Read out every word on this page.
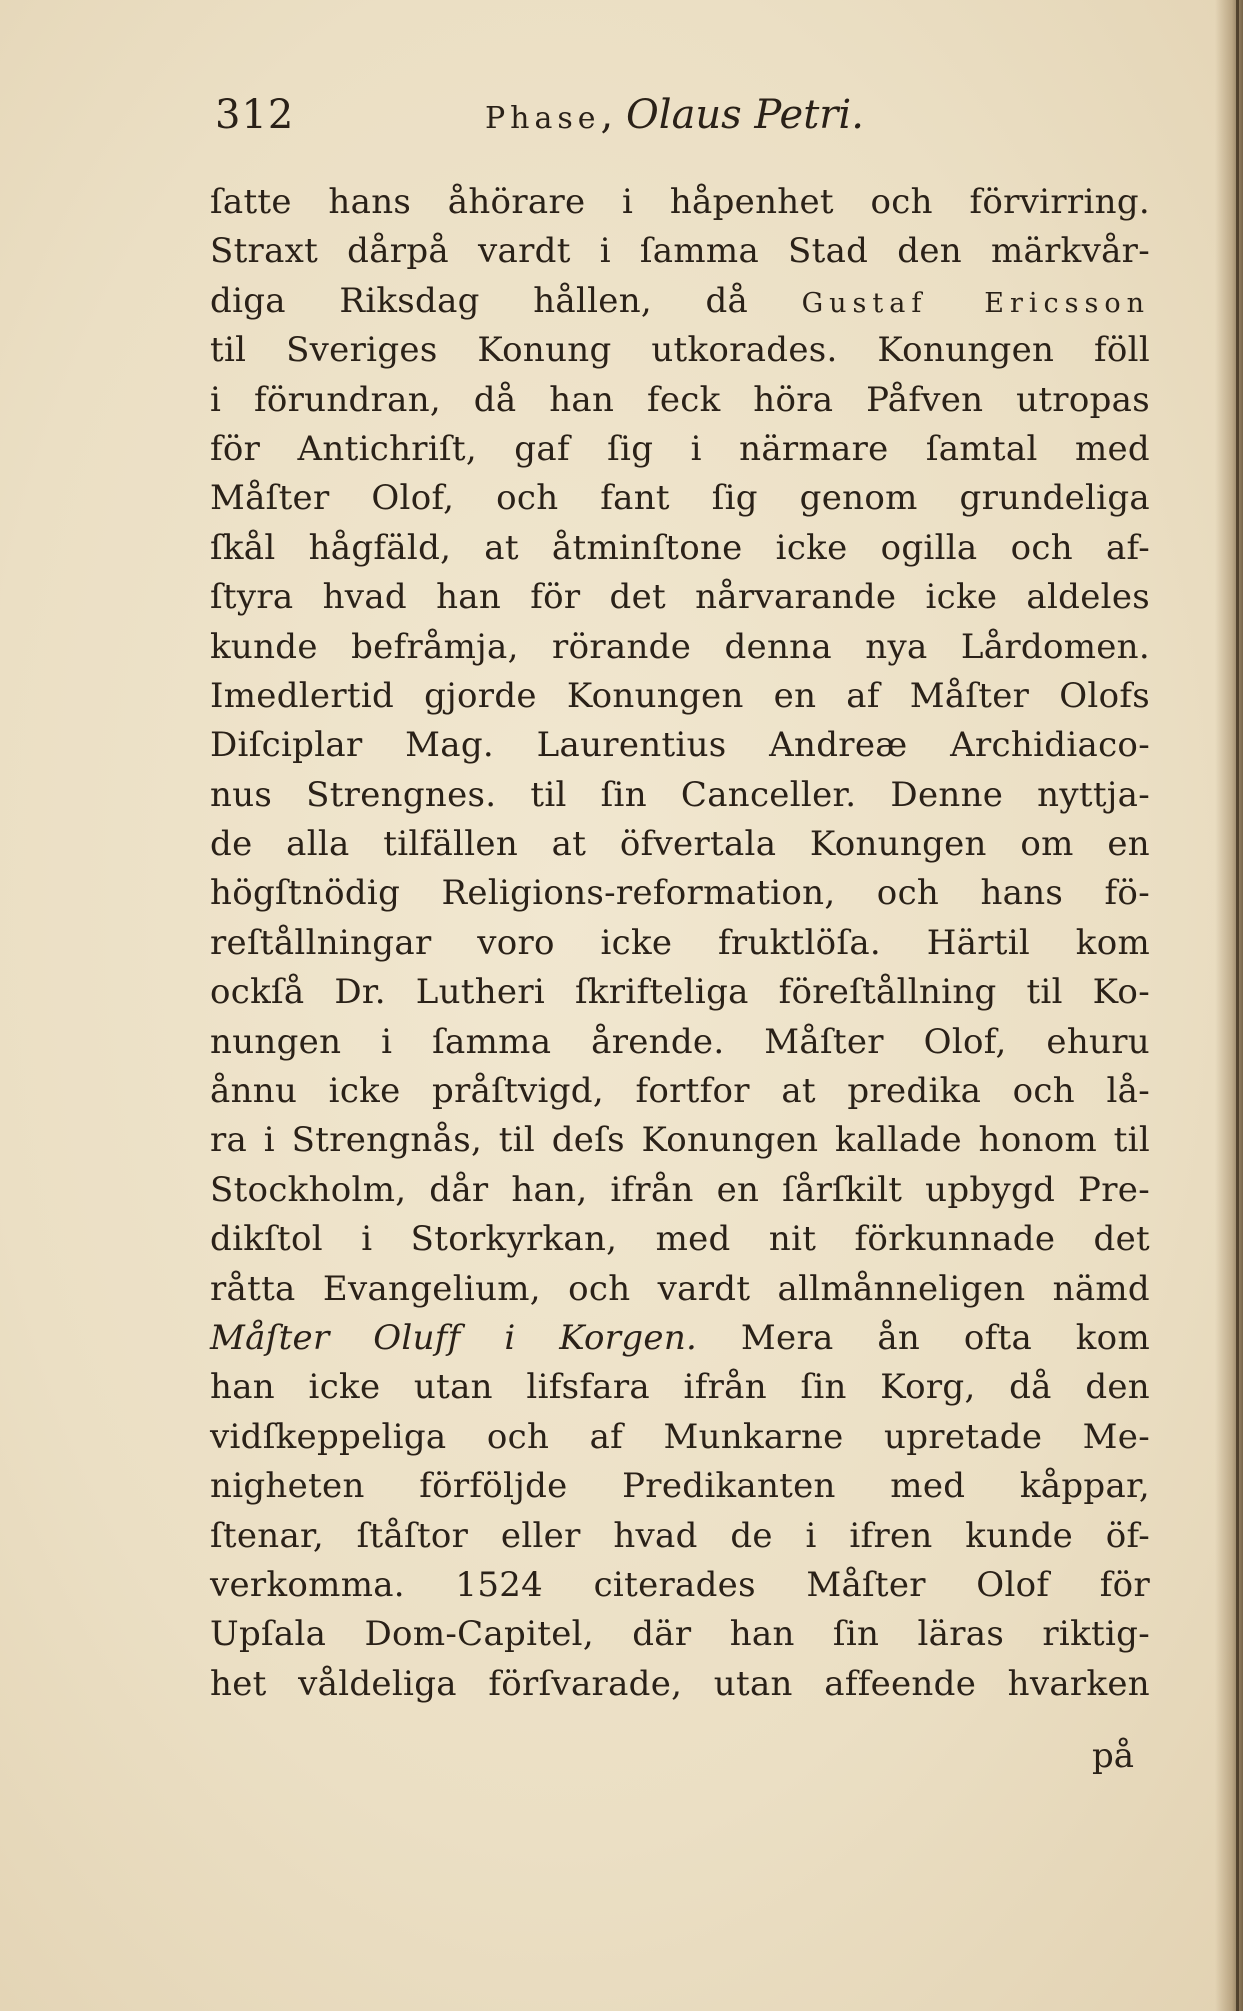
312	Phase, Olaus Petri.
ſatte hans åhörare i håpenhet och förvirring.
Straxt dårpå vardt i ſamma Stad den märkvår-
diga Riksdag hållen, då Gustaf Ericsson
til Sveriges Konung utkorades. Konungen föll
i förundran, då han feck höra Påfven utropas
för Antichriſt, gaf ſig i närmare ſamtal med
Måſter Olof, och fant ſig genom grundeliga
ſkål hågfäld, at åtminſtone icke ogilla och af-
ſtyra hvad han för det nårvarande icke aldeles
kunde befråmja, rörande denna nya Lårdomen.
Imedlertid gjorde Konungen en af Måſter Olofs
Diſciplar Mag. Laurentius Andreæ Archidiaco-
nus Strengnes. til ſin Canceller. Denne nyttja-
de alla tilfällen at öfvertala Konungen om en
högſtnödig Religions-reformation, och hans fö-
reſtållningar voro icke fruktlöſa. Härtil kom
ockſå Dr. Lutheri ſkrifteliga föreſtållning til Ko-
nungen i ſamma årende. Måſter Olof, ehuru
ånnu icke pråſtvigd, fortfor at predika och lå-
ra i Strengnås, til deſs Konungen kallade honom til
Stockholm, dår han, ifrån en ſårſkilt upbygd Pre-
dikſtol i Storkyrkan, med nit förkunnade det
råtta Evangelium, och vardt allmånneligen nämd
Måſter Oluff i Korgen. Mera ån ofta kom
han icke utan lifsfara ifrån ſin Korg, då den
vidſkeppeliga och af Munkarne upretade Me-
nigheten förföljde Predikanten med kåppar,
ſtenar, ſtåſtor eller hvad de i ifren kunde öf-
verkomma. 1524 citerades Måſter Olof för
Upſala Dom-Capitel, där han ſin läras riktig-
het våldeliga förſvarade, utan affeende hvarken
på
